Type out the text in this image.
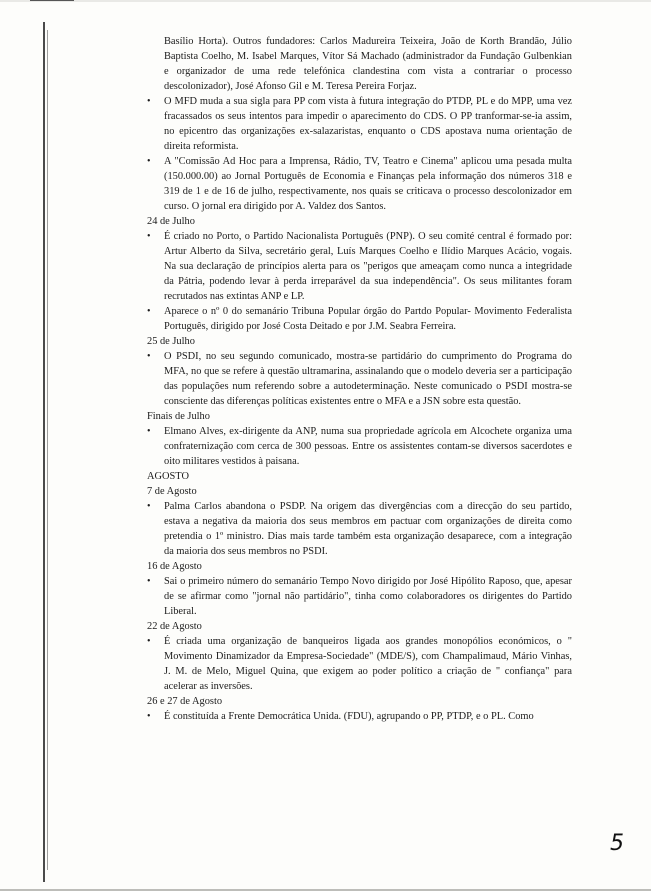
Basílio Horta). Outros fundadores: Carlos Madureira Teixeira, João de Korth Brandão, Júlio Baptista Coelho, M. Isabel Marques, Vítor Sá Machado (administrador da Fundação Gulbenkian e organizador de uma rede telefónica clandestina com vista a contrariar o processo descolonizador), José Afonso Gil e M. Teresa Pereira Forjaz.

• O MFD muda a sua sigla para PP com vista à futura integração do PTDP, PL e do MPP, uma vez fracassados os seus intentos para impedir o aparecimento do CDS. O PP tranformar-se-ia assim, no epicentro das organizações ex-salazaristas, enquanto o CDS apostava numa orientação de direita reformista.

• A "Comissão Ad Hoc para a Imprensa, Rádio, TV, Teatro e Cinema" aplicou uma pesada multa (150.000.00) ao Jornal Português de Economia e Finanças pela informação dos números 318 e 319 de 1 e de 16 de julho, respectivamente, nos quais se criticava o processo descolonizador em curso. O jornal era dirigido por A. Valdez dos Santos.

24 de Julho

• É criado no Porto, o Partido Nacionalista Português (PNP). O seu comité central é formado por: Artur Alberto da Silva, secretário geral, Luís Marques Coelho e Ilídio Marques Acácio, vogais. Na sua declaração de princípios alerta para os "perigos que ameaçam como nunca a integridade da Pátria, podendo levar à perda irreparável da sua independência". Os seus militantes foram recrutados nas extintas ANP e LP.

• Aparece o nº 0 do semanário Tribuna Popular órgão do Partdo Popular- Movimento Federalista Português, dirigido por José Costa Deitado e por J.M. Seabra Ferreira.

25 de Julho

• O PSDI, no seu segundo comunicado, mostra-se partidário do cumprimento do Programa do MFA, no que se refere à questão ultramarina, assinalando que o modelo deveria ser a participação das populações num referendo sobre a autodeterminação. Neste comunicado o PSDI mostra-se consciente das diferenças políticas existentes entre o MFA e a JSN sobre esta questão.

Finais de Julho

• Elmano Alves, ex-dirigente da ANP, numa sua propriedade agrícola em Alcochete organiza uma confraternização com cerca de 300 pessoas. Entre os assistentes contam-se diversos sacerdotes e oito militares vestidos à paisana.

AGOSTO

7 de Agosto

• Palma Carlos abandona o PSDP. Na origem das divergências com a direcção do seu partido, estava a negativa da maioria dos seus membros em pactuar com organizações de direita como pretendia o 1º ministro. Dias mais tarde também esta organização desaparece, com a integração da maioria dos seus membros no PSDI.

16 de Agosto

• Sai o primeiro número do semanário Tempo Novo dirigido por José Hipólito Raposo, que, apesar de se afirmar como "jornal não partidário", tinha como colaboradores os dirigentes do Partido Liberal.

22 de Agosto

• É criada uma organização de banqueiros ligada aos grandes monopólios económicos, o " Movimento Dinamizador da Empresa-Sociedade" (MDE/S), com Champalimaud, Mário Vinhas, J. M. de Melo, Miguel Quina, que exigem ao poder político a criação de " confiança" para acelerar as inversões.

26 e 27 de Agosto

• É constituída a Frente Democrática Unida. (FDU), agrupando o PP, PTDP, e o PL. Como

5
